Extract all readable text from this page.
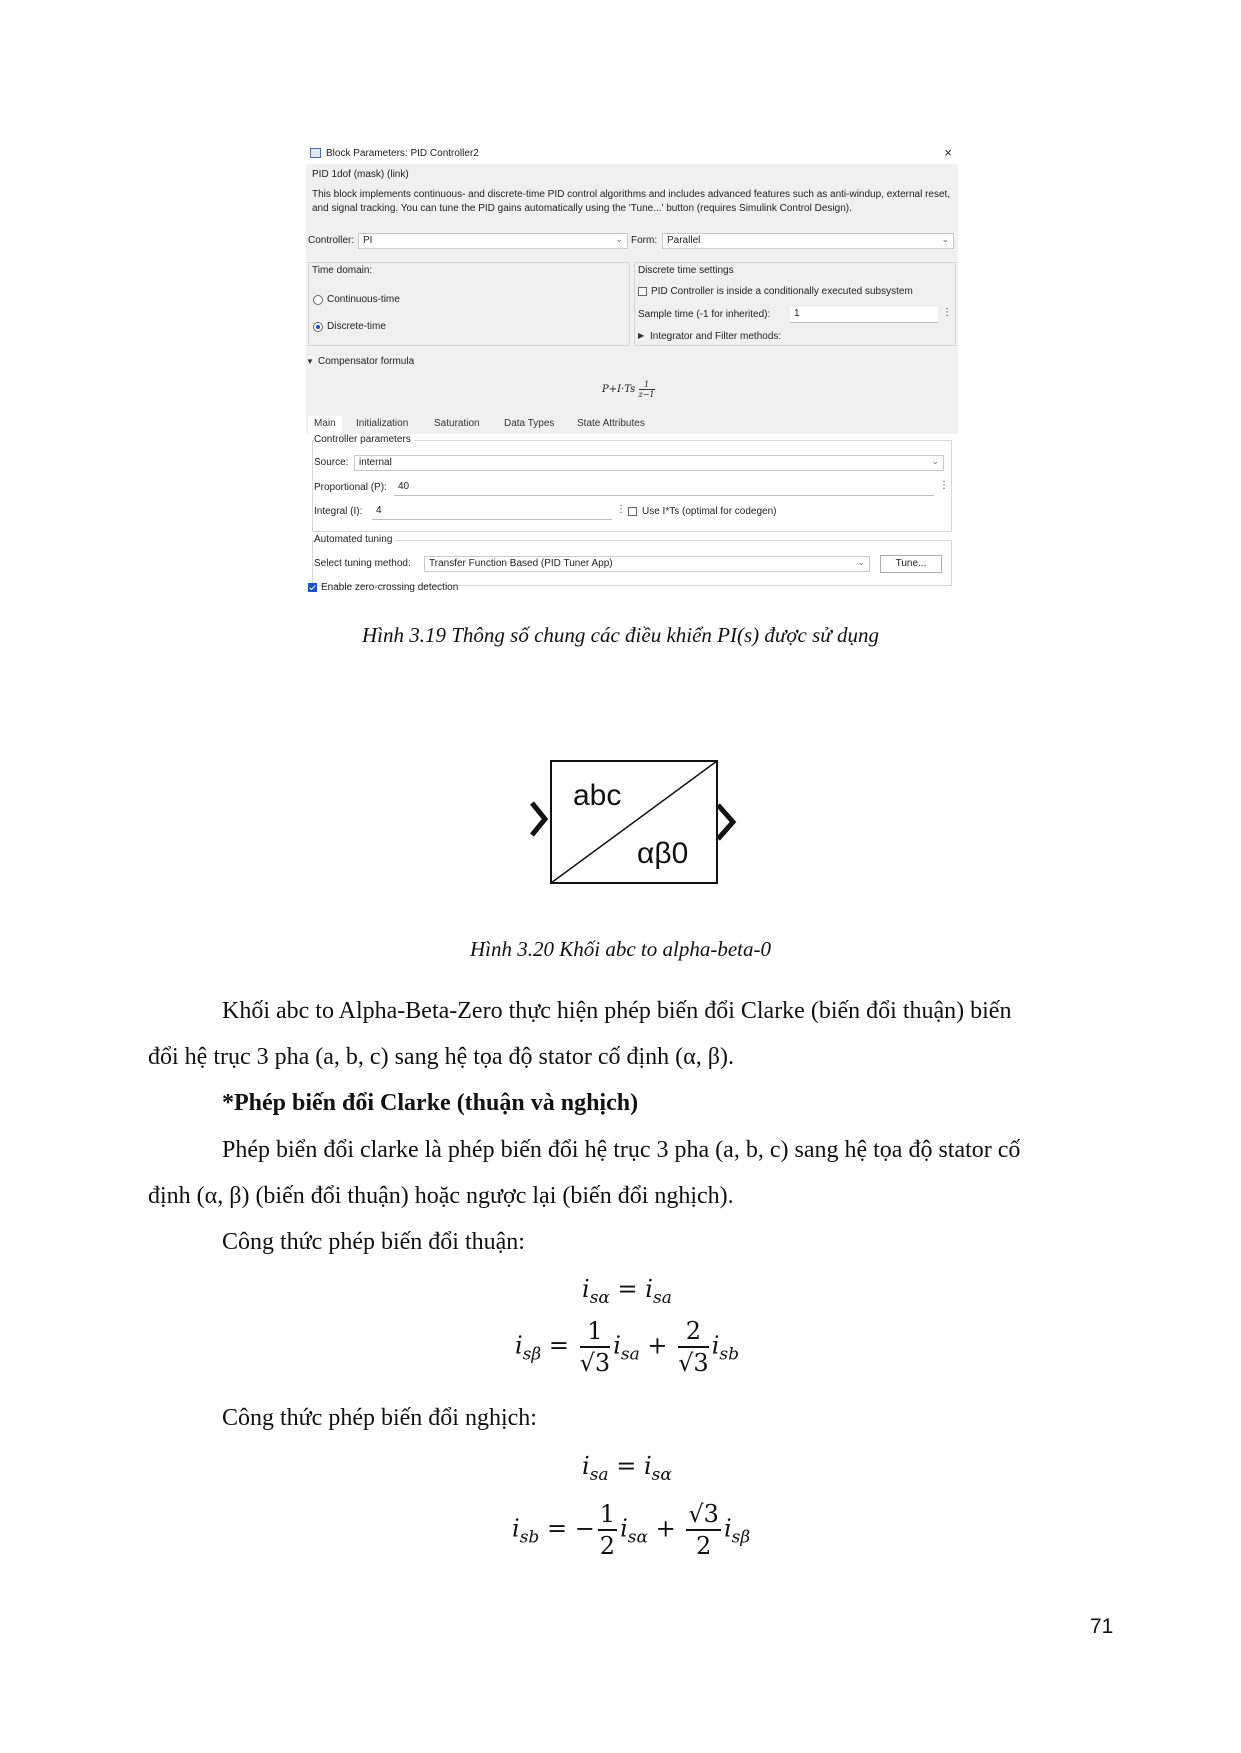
Block Parameters: PID Controller2	×
PID 1dof (mask) (link)
This block implements continuous- and discrete-time PID control algorithms and includes advanced features such as anti-windup, external reset, and signal tracking. You can tune the PID gains automatically using the 'Tune...' button (requires Simulink Control Design).
Controller: PI	⌄ Form: Parallel	⌄
Time domain:
Continuous-time
Discrete-time
Discrete time settings
PID Controller is inside a conditionally executed subsystem
Sample time (-1 for inherited): 1	⋮
▶ Integrator and Filter methods:
▼ Compensator formula
$P+I\cdot Ts \frac{1}{z-1}$
Main	Initialization	Saturation Data Types State Attributes
Controller parameters
Source: internal	⌄
Proportional (P): 40	⋮
Integral (I): 4	⋮ Use I*Ts (optimal for codegen)
Automated tuning
Select tuning method: Transfer Function Based (PID Tuner App)	⌄	Tune...
Enable zero-crossing detection
Hình 3.19 Thông số chung các điều khiển PI(s) được sử dụng
abc
αβ0
Hình 3.20 Khối abc to alpha-beta-0
Khối abc to Alpha-Beta-Zero thực hiện phép biến đổi Clarke (biến đổi thuận) biến
đổi hệ trục 3 pha (a, b, c) sang hệ tọa độ stator cố định (α, β).
*Phép biến đổi Clarke (thuận và nghịch)
Phép biển đổi clarke là phép biến đổi hệ trục 3 pha (a, b, c) sang hệ tọa độ stator cố
định (α, β) (biến đổi thuận) hoặc ngược lại (biến đổi nghịch).
Công thức phép biến đổi thuận:
$i_{s\alpha} = i_{sa}$
$i_{s\beta} = \frac{1}{√3} i_{sa} + \frac{2}{√3} i_{sb}$
Công thức phép biến đổi nghịch:
$i_{sa} = i_{s\alpha}$
$i_{sb}$ = − $\frac{1}{2} i_{s\alpha} + \frac{√3}{2} i_{s\beta}$
71
